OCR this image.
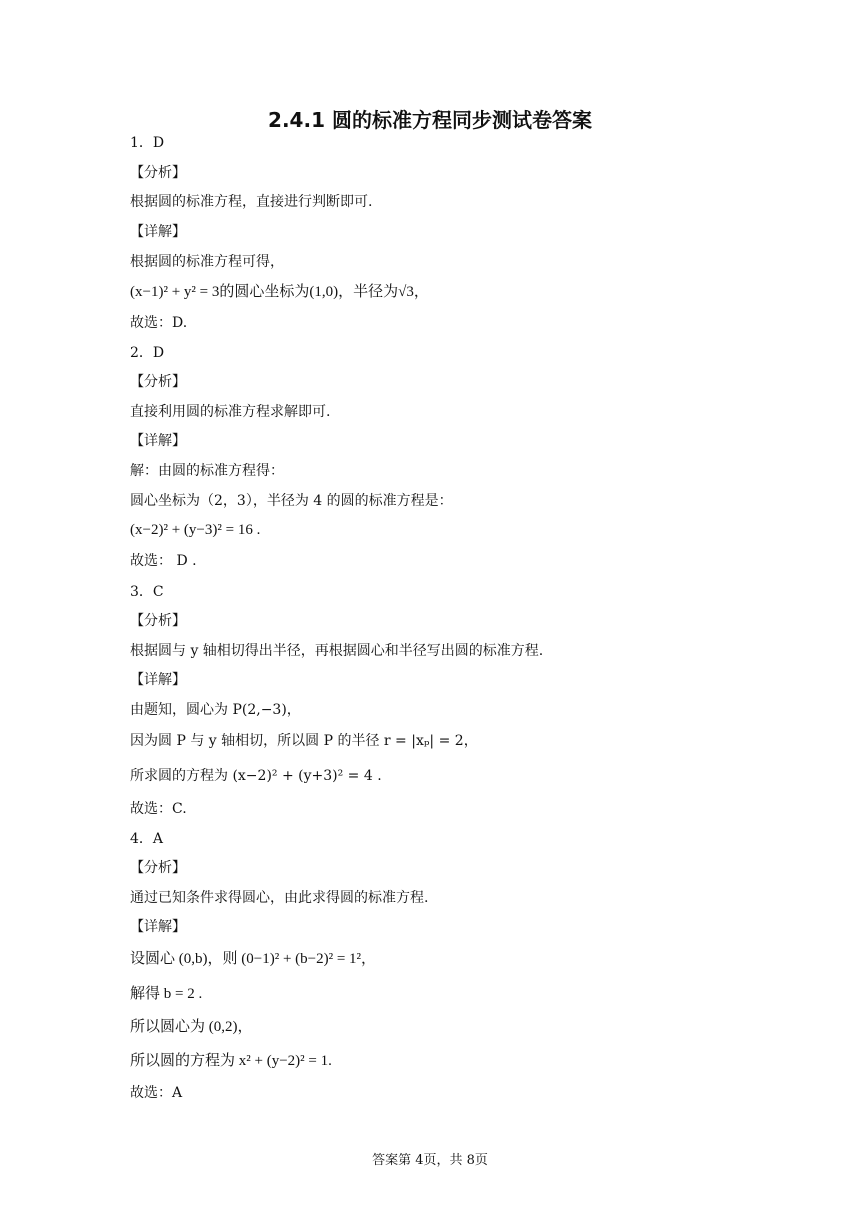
2.4.1 圆的标准方程同步测试卷答案
1．D
【分析】
根据圆的标准方程，直接进行判断即可.
【详解】
根据圆的标准方程可得，
(x−1)² + y² = 3的圆心坐标为(1,0)，半径为√3，
故选：D.
2．D
【分析】
直接利用圆的标准方程求解即可.
【详解】
解：由圆的标准方程得：
圆心坐标为（2，3），半径为 4 的圆的标准方程是：
(x−2)² + (y−3)² = 16 .
故选： D .
3．C
【分析】
根据圆与 y 轴相切得出半径，再根据圆心和半径写出圆的标准方程.
【详解】
由题知，圆心为 P(2,−3)，
因为圆 P 与 y 轴相切，所以圆 P 的半径 r = |xₚ| = 2，
所求圆的方程为 (x−2)² + (y+3)² = 4 .
故选：C.
4．A
【分析】
通过已知条件求得圆心，由此求得圆的标准方程.
【详解】
设圆心 (0,b)，则 (0−1)² + (b−2)² = 1²，
解得 b = 2 .
所以圆心为 (0,2)，
所以圆的方程为 x² + (y−2)² = 1.
故选：A
答案第 4页，共 8页
